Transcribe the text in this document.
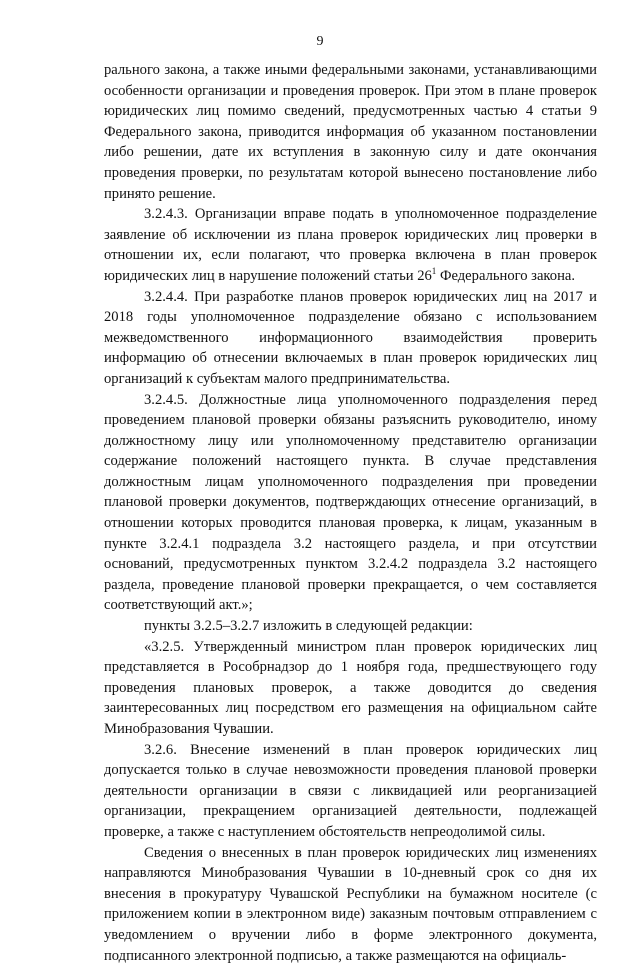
9

рального закона, а также иными федеральными законами, устанавливающими особенности организации и проведения проверок. При этом в плане проверок юридических лиц помимо сведений, предусмотренных частью 4 статьи 9 Федерального закона, приводится информация об указанном постановлении либо решении, дате их вступления в законную силу и дате окончания проведения проверки, по результатам которой вынесено постановление либо принято решение.

3.2.4.3. Организации вправе подать в уполномоченное подразделение заявление об исключении из плана проверок юридических лиц проверки в отношении их, если полагают, что проверка включена в план проверок юридических лиц в нарушение положений статьи $26^1$ Федерального закона.

3.2.4.4. При разработке планов проверок юридических лиц на 2017 и 2018 годы уполномоченное подразделение обязано с использованием межведомственного информационного взаимодействия проверить информацию об отнесении включаемых в план проверок юридических лиц организаций к субъектам малого предпринимательства.

3.2.4.5. Должностные лица уполномоченного подразделения перед проведением плановой проверки обязаны разъяснить руководителю, иному должностному лицу или уполномоченному представителю организации содержание положений настоящего пункта. В случае представления должностным лицам уполномоченного подразделения при проведении плановой проверки документов, подтверждающих отнесение организаций, в отношении которых проводится плановая проверка, к лицам, указанным в пункте 3.2.4.1 подраздела 3.2 настоящего раздела, и при отсутствии оснований, предусмотренных пунктом 3.2.4.2 подраздела 3.2 настоящего раздела, проведение плановой проверки прекращается, о чем составляется соответствующий акт.»;

пункты 3.2.5–3.2.7 изложить в следующей редакции:

«3.2.5. Утвержденный министром план проверок юридических лиц представляется в Рособрнадзор до 1 ноября года, предшествующего году проведения плановых проверок, а также доводится до сведения заинтересованных лиц посредством его размещения на официальном сайте Минобразования Чувашии.

3.2.6. Внесение изменений в план проверок юридических лиц допускается только в случае невозможности проведения плановой проверки деятельности организации в связи с ликвидацией или реорганизацией организации, прекращением организацией деятельности, подлежащей проверке, а также с наступлением обстоятельств непреодолимой силы.

Сведения о внесенных в план проверок юридических лиц изменениях направляются Минобразования Чувашии в 10-дневный срок со дня их внесения в прокуратуру Чувашской Республики на бумажном носителе (с приложением копии в электронном виде) заказным почтовым отправлением с уведомлением о вручении либо в форме электронного документа, подписанного электронной подписью, а также размещаются на официаль-
